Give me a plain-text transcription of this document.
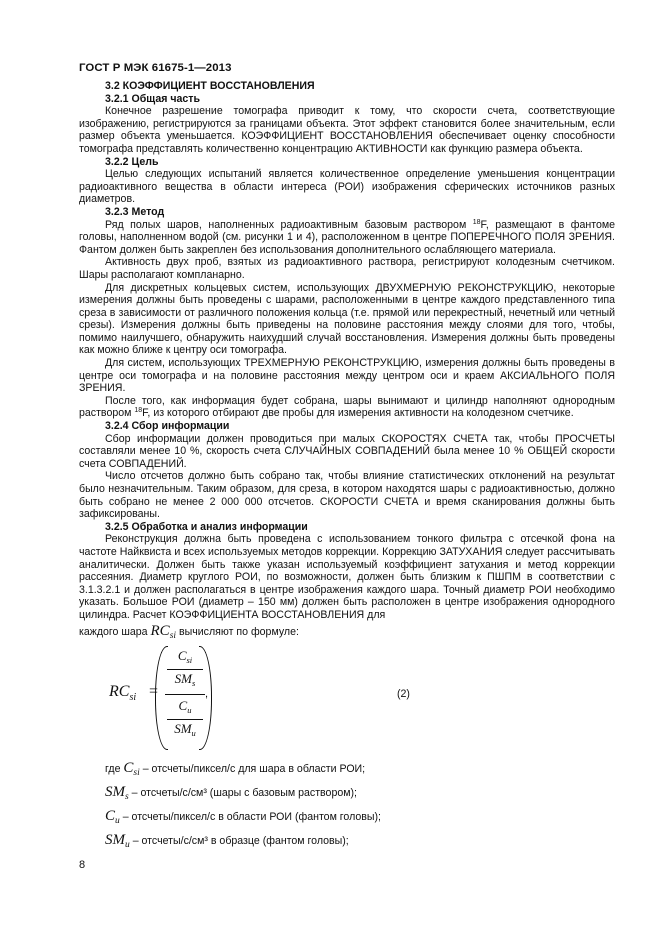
ГОСТ Р МЭК 61675-1—2013
3.2 КОЭФФИЦИЕНТ ВОССТАНОВЛЕНИЯ
3.2.1 Общая часть

Конечное разрешение томографа приводит к тому, что скорости счета, соответствующие изображению, регистрируются за границами объекта. Этот эффект становится более значительным, если размер объекта уменьшается. КОЭФФИЦИЕНТ ВОССТАНОВЛЕНИЯ обеспечивает оценку способности томографа представлять количественно концентрацию АКТИВНОСТИ как функцию размера объекта.

3.2.2 Цель

Целью следующих испытаний является количественное определение уменьшения концентрации радиоактивного вещества в области интереса (РОИ) изображения сферических источников разных диаметров.

3.2.3 Метод

Ряд полых шаров, наполненных радиоактивным базовым раствором $^{18}$F, размещают в фантоме головы, наполненном водой (см. рисунки 1 и 4), расположенном в центре ПОПЕРЕЧНОГО ПОЛЯ ЗРЕНИЯ. Фантом должен быть закреплен без использования дополнительного ослабляющего материала.

Активность двух проб, взятых из радиоактивного раствора, регистрируют колодезным счетчиком. Шары располагают компланарно.

Для дискретных кольцевых систем, использующих ДВУХМЕРНУЮ РЕКОНСТРУКЦИЮ, некоторые измерения должны быть проведены с шарами, расположенными в центре каждого представленного типа среза в зависимости от различного положения кольца (т.е. прямой или перекрестный, нечетный или четный срезы). Измерения должны быть приведены на половине расстояния между слоями для того, чтобы, помимо наилучшего, обнаружить наихудший случай восстановления. Измерения должны быть проведены как можно ближе к центру оси томографа.

Для систем, использующих ТРЕХМЕРНУЮ РЕКОНСТРУКЦИЮ, измерения должны быть проведены в центре оси томографа и на половине расстояния между центром оси и краем АКСИАЛЬНОГО ПОЛЯ ЗРЕНИЯ.

После того, как информация будет собрана, шары вынимают и цилиндр наполняют однородным раствором $^{18}$F, из которого отбирают две пробы для измерения активности на колодезном счетчике.

3.2.4 Сбор информации

Сбор информации должен проводиться при малых СКОРОСТЯХ СЧЕТА так, чтобы ПРОСЧЕТЫ составляли менее 10 %, скорость счета СЛУЧАЙНЫХ СОВПАДЕНИЙ была менее 10 % ОБЩЕЙ скорости счета СОВПАДЕНИЙ.

Число отсчетов должно быть собрано так, чтобы влияние статистических отклонений на результат было незначительным. Таким образом, для среза, в котором находятся шары с радиоактивностью, должно быть собрано не менее 2 000 000 отсчетов. СКОРОСТИ СЧЕТА и время сканирования должны быть зафиксированы.

3.2.5 Обработка и анализ информации

Реконструкция должна быть проведена с использованием тонкого фильтра с отсечкой фона на частоте Найквиста и всех используемых методов коррекции. Коррекцию ЗАТУХАНИЯ следует рассчитывать аналитически. Должен быть также указан используемый коэффициент затухания и метод коррекции рассеяния. Диаметр круглого РОИ, по возможности, должен быть близким к ПШПМ в соответствии с 3.1.3.2.1 и должен располагаться в центре изображения каждого шара. Точный диаметр РОИ необходимо указать. Большое РОИ (диаметр – 150 мм) должен быть расположен в центре изображения однородного цилиндра. Расчет КОЭФФИЦИЕНТА ВОССТАНОВЛЕНИЯ для

каждого шара RCsi вычисляют по формуле:
$RC_{si}$ =
$C_{si}$
$SM_s$
$C_u$
$SM_u$
,	(2)
где Csi – отсчеты/пиксел/с для шара в области РОИ;
SMs – отсчеты/с/см³ (шары с базовым раствором);
Cu – отсчеты/пиксел/с в области РОИ (фантом головы);
SMu – отсчеты/с/см³ в образце (фантом головы);
8
